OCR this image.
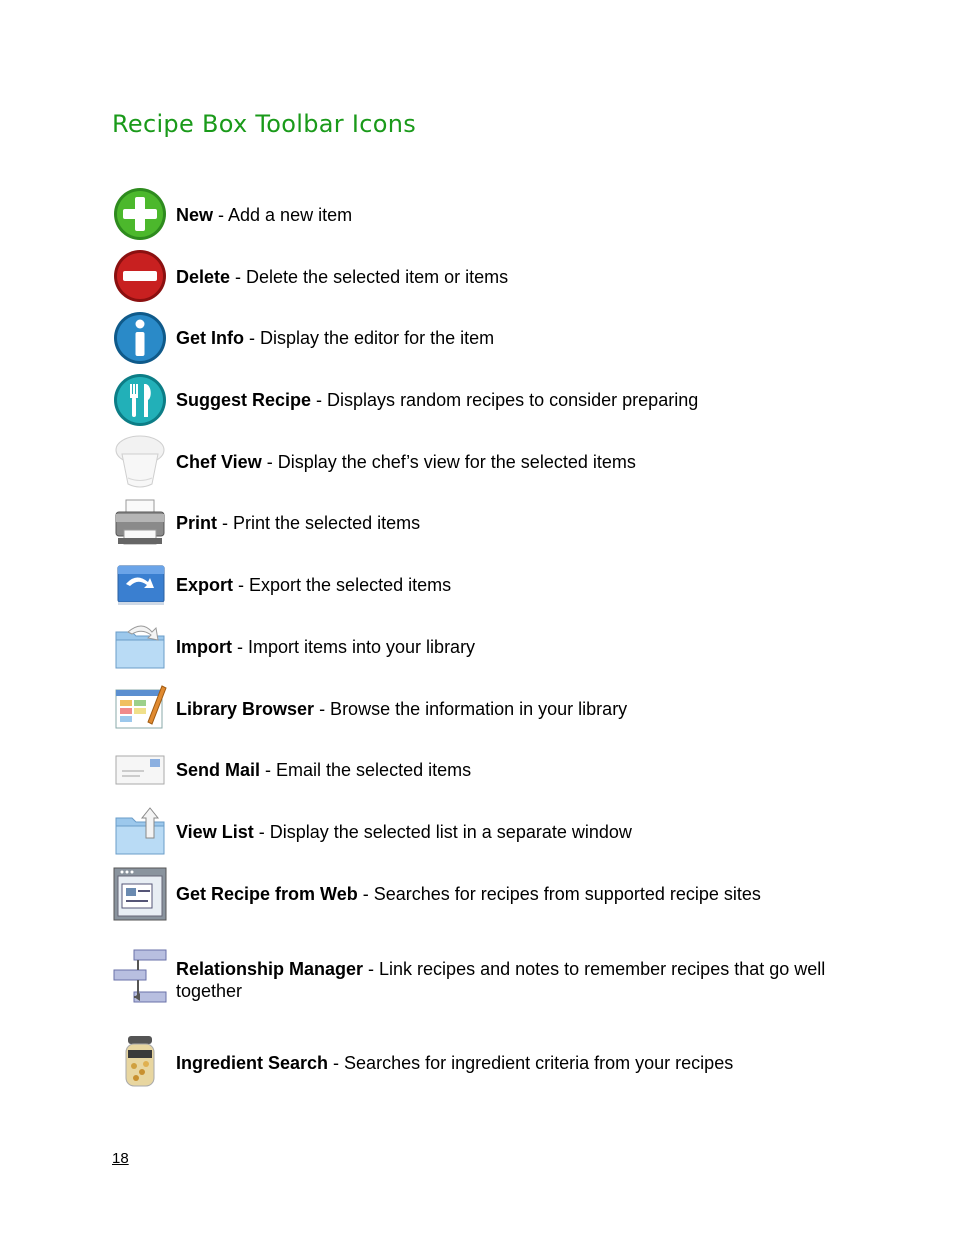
Recipe Box Toolbar Icons
New - Add a new item
Delete - Delete the selected item or items
Get Info - Display the editor for the item
Suggest Recipe - Displays random recipes to consider preparing
Chef View - Display the chef’s view for the selected items
Print - Print the selected items
Export - Export the selected items
Import - Import items into your library
Library Browser - Browse the information in your library
Send Mail - Email the selected items
View List - Display the selected list in a separate window
Get Recipe from Web - Searches for recipes from supported recipe sites
Relationship Manager - Link recipes and notes to remember recipes that go well together
Ingredient Search - Searches for ingredient criteria from your recipes
18
